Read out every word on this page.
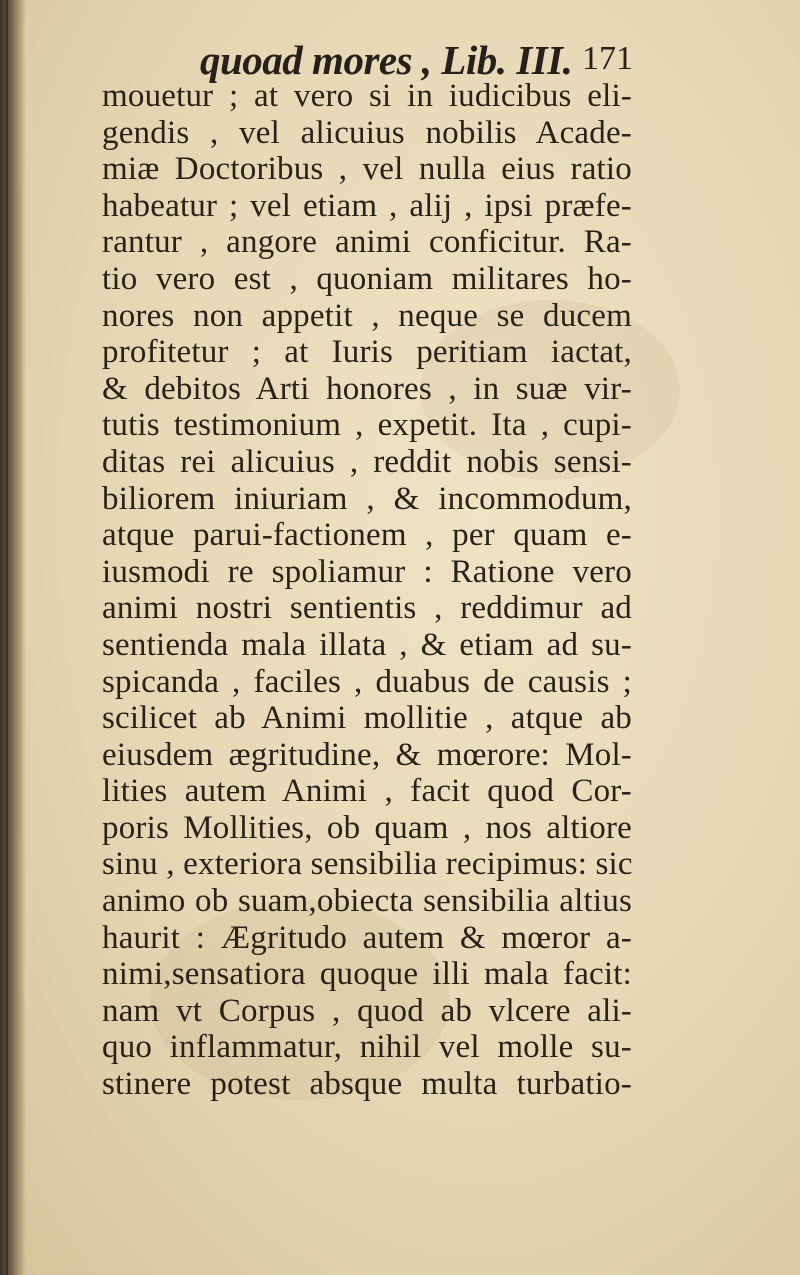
quoad mores , Lib. III. 171
mouetur ; at vero si in iudicibus eli-
gendis , vel alicuius nobilis Acade-
miæ Doctoribus , vel nulla eius ratio
habeatur ; vel etiam , alij , ipsi præfe-
rantur , angore animi conficitur. Ra-
tio vero est , quoniam militares ho-
nores non appetit , neque se ducem
profitetur ; at Iuris peritiam iactat,
& debitos Arti honores , in suæ vir-
tutis testimonium , expetit. Ita , cupi-
ditas rei alicuius , reddit nobis sensi-
biliorem iniuriam , & incommodum,
atque parui-factionem , per quam e-
iusmodi re spoliamur : Ratione vero
animi nostri sentientis , reddimur ad
sentienda mala illata , & etiam ad su-
spicanda , faciles , duabus de causis ;
scilicet ab Animi mollitie , atque ab
eiusdem ægritudine, & mœrore: Mol-
lities autem Animi , facit quod Cor-
poris Mollities, ob quam , nos altiore
sinu , exteriora sensibilia recipimus: sic
animo ob suam,obiecta sensibilia altius
haurit : Ægritudo autem & mœror a-
nimi,sensatiora quoque illi mala facit:
nam vt Corpus , quod ab vlcere ali-
quo inflammatur, nihil vel molle su-
stinere potest absque multa turbatio-
